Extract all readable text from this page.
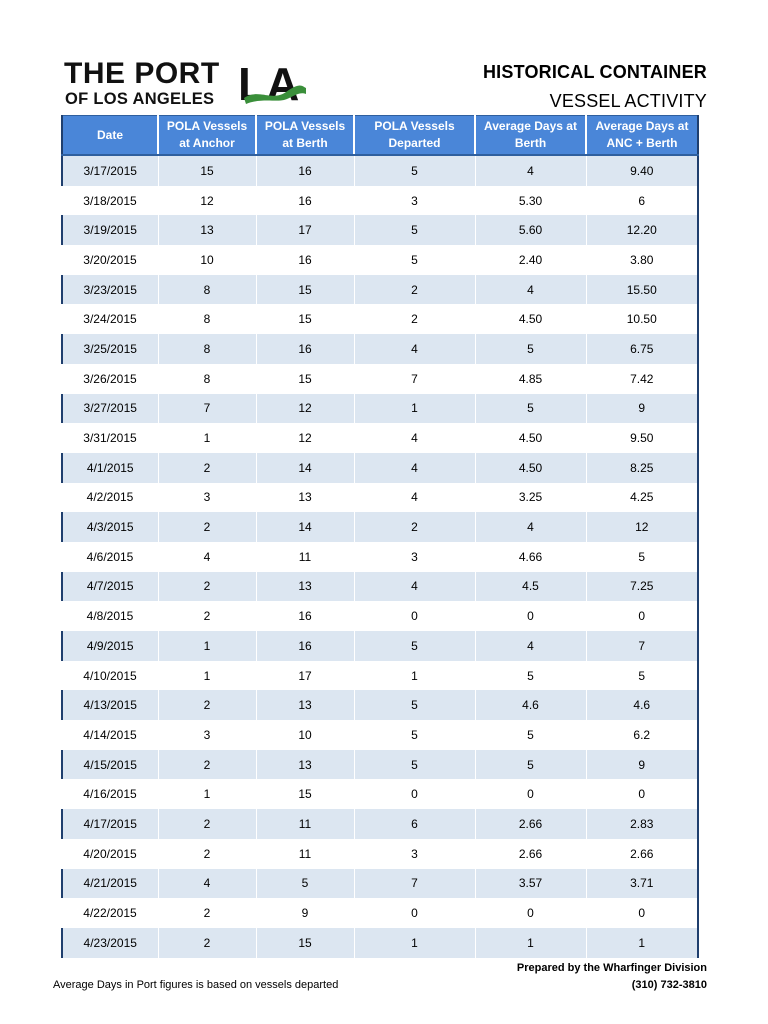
THE PORT
OF LOS ANGELES LA	HISTORICAL CONTAINER
VESSEL ACTIVITY
Date	POLA Vessels at Anchor	POLA Vessels at Berth	POLA Vessels Departed	Average Days at Berth	Average Days at ANC + Berth
3/17/2015	15	16	5	4	9.40
3/18/2015	12	16	3	5.30	6
3/19/2015	13	17	5	5.60	12.20
3/20/2015	10	16	5	2.40	3.80
3/23/2015	8	15	2	4	15.50
3/24/2015	8	15	2	4.50	10.50
3/25/2015	8	16	4	5	6.75
3/26/2015	8	15	7	4.85	7.42
3/27/2015	7	12	1	5	9
3/31/2015	1	12	4	4.50	9.50
4/1/2015	2	14	4	4.50	8.25
4/2/2015	3	13	4	3.25	4.25
4/3/2015	2	14	2	4	12
4/6/2015	4	11	3	4.66	5
4/7/2015	2	13	4	4.5	7.25
4/8/2015	2	16	0	0	0
4/9/2015	1	16	5	4	7
4/10/2015	1	17	1	5	5
4/13/2015	2	13	5	4.6	4.6
4/14/2015	3	10	5	5	6.2
4/15/2015	2	13	5	5	9
4/16/2015	1	15	0	0	0
4/17/2015	2	11	6	2.66	2.83
4/20/2015	2	11	3	2.66	2.66
4/21/2015	4	5	7	3.57	3.71
4/22/2015	2	9	0	0	0
4/23/2015	2	15	1	1	1
Average Days in Port figures is based on vessels departed
Prepared by the Wharfinger Division
(310) 732-3810
